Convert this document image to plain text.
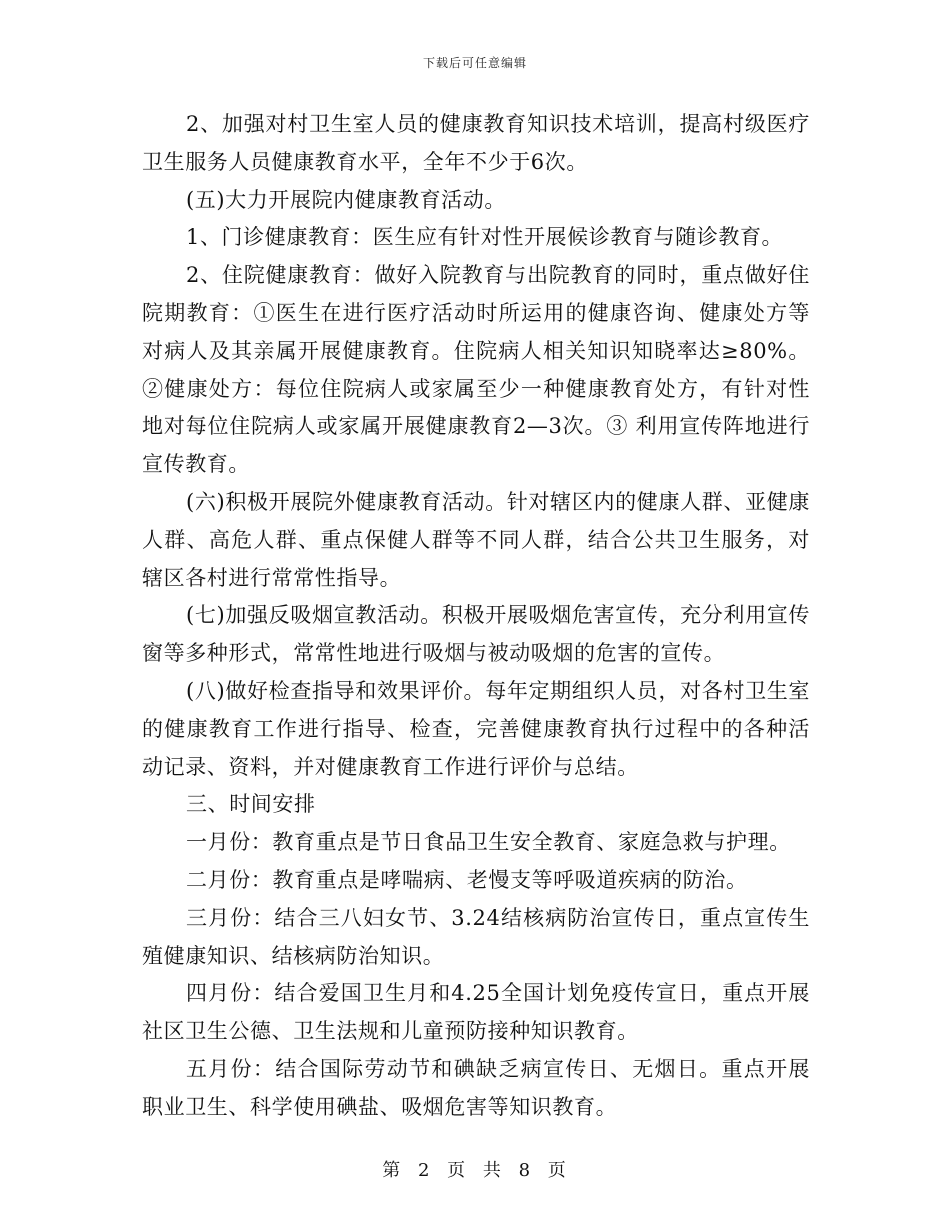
下载后可任意编辑

2、加强对村卫生室人员的健康教育知识技术培训，提高村级医疗卫生服务人员健康教育水平，全年不少于6次。

(五)大力开展院内健康教育活动。

1、门诊健康教育：医生应有针对性开展候诊教育与随诊教育。

2、住院健康教育：做好入院教育与出院教育的同时，重点做好住院期教育：①医生在进行医疗活动时所运用的健康咨询、健康处方等对病人及其亲属开展健康教育。住院病人相关知识知晓率达≥80%。②健康处方：每位住院病人或家属至少一种健康教育处方，有针对性地对每位住院病人或家属开展健康教育2—3次。③ 利用宣传阵地进行宣传教育。

(六)积极开展院外健康教育活动。针对辖区内的健康人群、亚健康人群、高危人群、重点保健人群等不同人群，结合公共卫生服务，对辖区各村进行常常性指导。

(七)加强反吸烟宣教活动。积极开展吸烟危害宣传，充分利用宣传窗等多种形式，常常性地进行吸烟与被动吸烟的危害的宣传。

(八)做好检查指导和效果评价。每年定期组织人员，对各村卫生室的健康教育工作进行指导、检查，完善健康教育执行过程中的各种活动记录、资料，并对健康教育工作进行评价与总结。

三、时间安排

一月份：教育重点是节日食品卫生安全教育、家庭急救与护理。

二月份：教育重点是哮喘病、老慢支等呼吸道疾病的防治。

三月份：结合三八妇女节、3.24结核病防治宣传日，重点宣传生殖健康知识、结核病防治知识。

四月份：结合爱国卫生月和4.25全国计划免疫传宣日，重点开展社区卫生公德、卫生法规和儿童预防接种知识教育。

五月份：结合国际劳动节和碘缺乏病宣传日、无烟日。重点开展职业卫生、科学使用碘盐、吸烟危害等知识教育。

第 2 页 共 8 页
